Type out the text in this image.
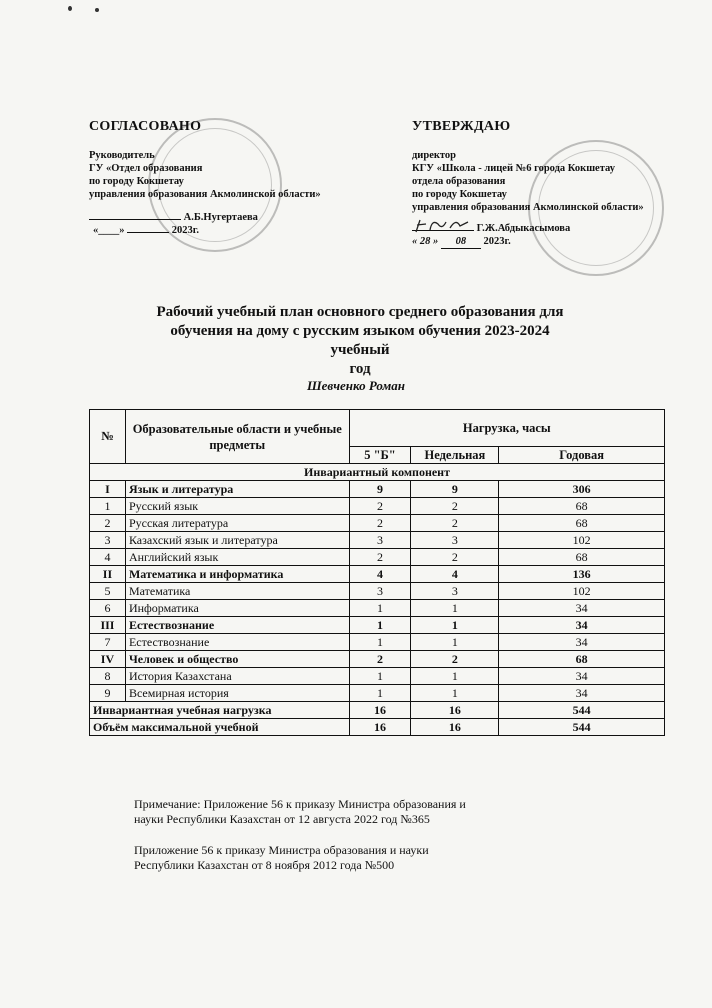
СОГЛАСОВАНО
Руководитель
ГУ «Отдел образования
по городу Кокшетау
управления образования Акмолинской области»
А.Б.Нугертаева
«____»	2023г.
УТВЕРЖДАЮ
директор
КГУ «Школа - лицей №6 города Кокшетау
отдела образования
по городу Кокшетау
управления образования Акмолинской области»
Г.Ж.Абдыкасымова
« 28 » 08 2023г.
Рабочий учебный план основного среднего образования для
обучения на дому с русским языком обучения 2023-2024 учебный
год
Шевченко Роман
№	Образовательные области и учебные предметы	Нагрузка, часы		
		5 "Б"	Недельная	Годовая
Инвариантный компонент				
I	Язык и литература	9	9	306
1	Русский язык	2	2	68
2	Русская литература	2	2	68
3	Казахский язык и литература	3	3	102
4	Английский язык	2	2	68
II	Математика и информатика	4	4	136
5	Математика	3	3	102
6	Информатика	1	1	34
III	Естествознание	1	1	34
7	Естествознание	1	1	34
IV	Человек и общество	2	2	68
8	История Казахстана	1	1	34
9	Всемирная история	1	1	34
Инвариантная учебная нагрузка		16	16	544
Объём максимальной учебной		16	16	544

Примечание: Приложение 56 к приказу Министра образования и
науки Республики Казахстан от 12 августа 2022 год №365

Приложение 56 к приказу Министра образования и науки
Республики Казахстан от 8 ноября 2012 года №500
